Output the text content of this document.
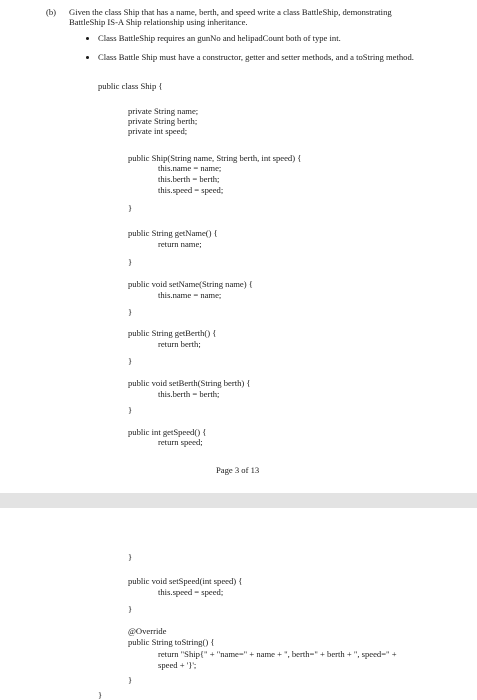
(b) Given the class Ship that has a name, berth, and speed write a class BattleShip, demonstrating
BattleShip IS-A Ship relationship using inheritance.
Class BattleShip requires an gunNo and helipadCount both of type int.
Class Battle Ship must have a constructor, getter and setter methods, and a toString method.
public class Ship {
private String name;
private String berth;
private int speed;
public Ship(String name, String berth, int speed) {
this.name = name;
this.berth = berth;
this.speed = speed;
}
public String getName() {
return name;
}
public void setName(String name) {
this.name = name;
}
public String getBerth() {
return berth;
}
public void setBerth(String berth) {
this.berth = berth;
}
public int getSpeed() {
return speed;
Page 3 of 13
}
public void setSpeed(int speed) {
this.speed = speed;
}
@Override
public String toString() {
return "Ship{" + "name=" + name + ", berth=" + berth + ", speed=" +
speed + '}';
}
}
